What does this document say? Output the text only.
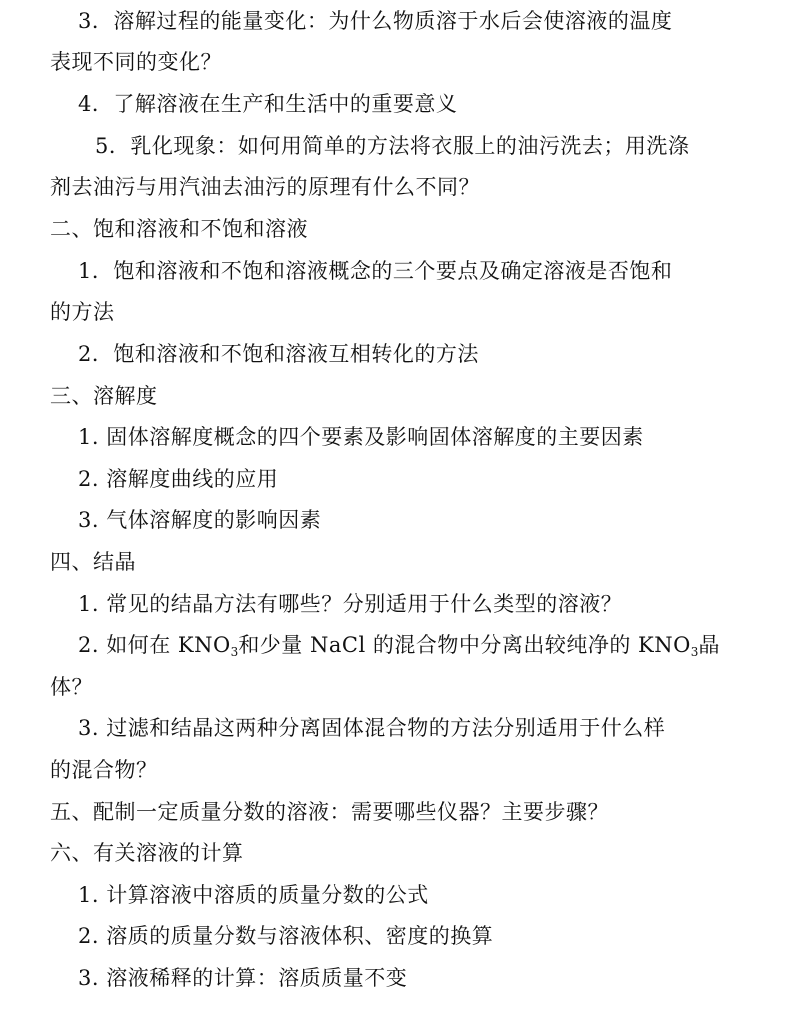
3．溶解过程的能量变化：为什么物质溶于水后会使溶液的温度
表现不同的变化？
4．了解溶液在生产和生活中的重要意义
5．乳化现象：如何用简单的方法将衣服上的油污洗去；用洗涤
剂去油污与用汽油去油污的原理有什么不同？
二、饱和溶液和不饱和溶液
1．饱和溶液和不饱和溶液概念的三个要点及确定溶液是否饱和
的方法
2．饱和溶液和不饱和溶液互相转化的方法
三、溶解度
1. 固体溶解度概念的四个要素及影响固体溶解度的主要因素
2. 溶解度曲线的应用
3. 气体溶解度的影响因素
四、结晶
1. 常见的结晶方法有哪些？分别适用于什么类型的溶液？
2. 如何在 $KNO_3$和少量 NaCl 的混合物中分离出较纯净的 $KNO_3$晶
体？
3. 过滤和结晶这两种分离固体混合物的方法分别适用于什么样
的混合物？
五、配制一定质量分数的溶液：需要哪些仪器？主要步骤？
六、有关溶液的计算
1. 计算溶液中溶质的质量分数的公式
2. 溶质的质量分数与溶液体积、密度的换算
3. 溶液稀释的计算：溶质质量不变
